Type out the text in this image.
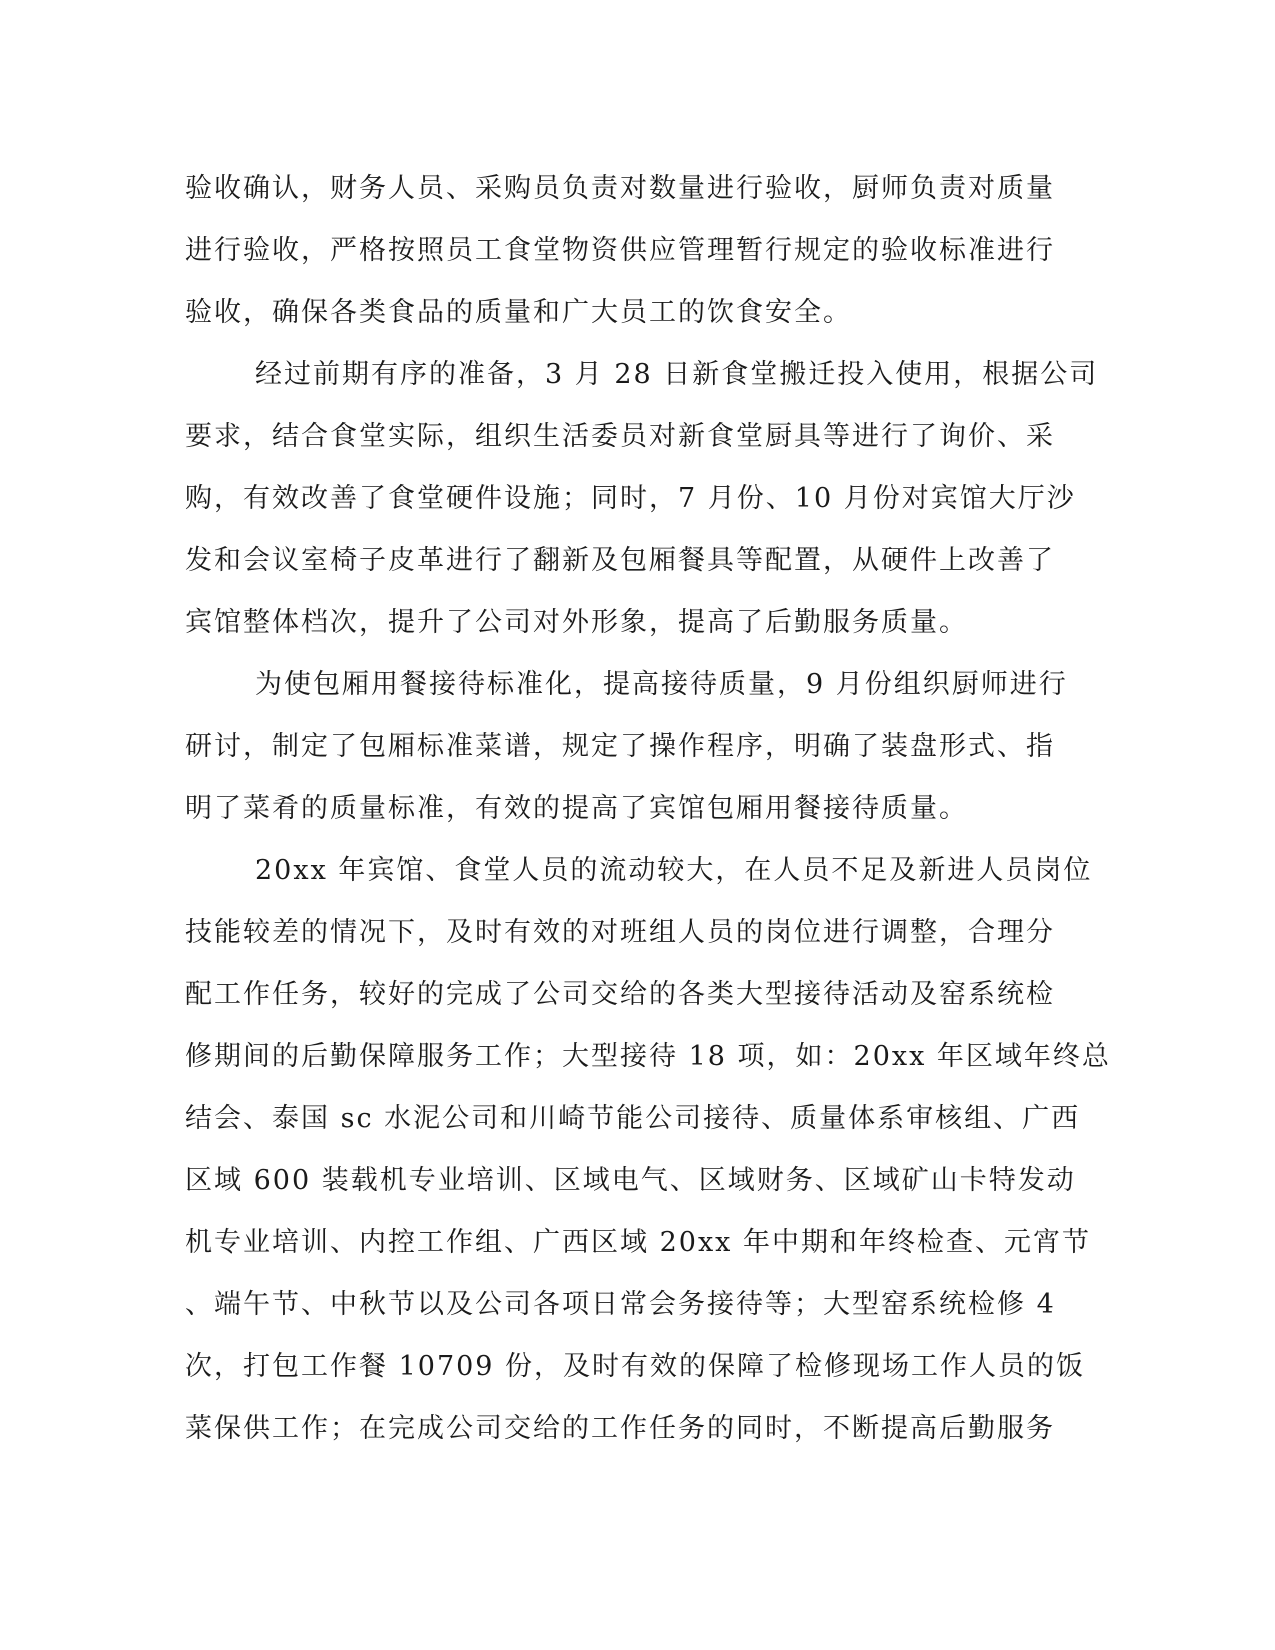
验收确认，财务人员、采购员负责对数量进行验收，厨师负责对质量
进行验收，严格按照员工食堂物资供应管理暂行规定的验收标准进行
验收，确保各类食品的质量和广大员工的饮食安全。
经过前期有序的准备，3 月 28 日新食堂搬迁投入使用，根据公司
要求，结合食堂实际，组织生活委员对新食堂厨具等进行了询价、采
购，有效改善了食堂硬件设施；同时，7 月份、10 月份对宾馆大厅沙
发和会议室椅子皮革进行了翻新及包厢餐具等配置，从硬件上改善了
宾馆整体档次，提升了公司对外形象，提高了后勤服务质量。
为使包厢用餐接待标准化，提高接待质量，9 月份组织厨师进行
研讨，制定了包厢标准菜谱，规定了操作程序，明确了装盘形式、指
明了菜肴的质量标准，有效的提高了宾馆包厢用餐接待质量。
20xx 年宾馆、食堂人员的流动较大，在人员不足及新进人员岗位
技能较差的情况下，及时有效的对班组人员的岗位进行调整，合理分
配工作任务，较好的完成了公司交给的各类大型接待活动及窑系统检
修期间的后勤保障服务工作；大型接待 18 项，如：20xx 年区域年终总
结会、泰国 sc 水泥公司和川崎节能公司接待、质量体系审核组、广西
区域 600 装载机专业培训、区域电气、区域财务、区域矿山卡特发动
机专业培训、内控工作组、广西区域 20xx 年中期和年终检查、元宵节
、端午节、中秋节以及公司各项日常会务接待等；大型窑系统检修 4
次，打包工作餐 10709 份，及时有效的保障了检修现场工作人员的饭
菜保供工作；在完成公司交给的工作任务的同时，不断提高后勤服务
